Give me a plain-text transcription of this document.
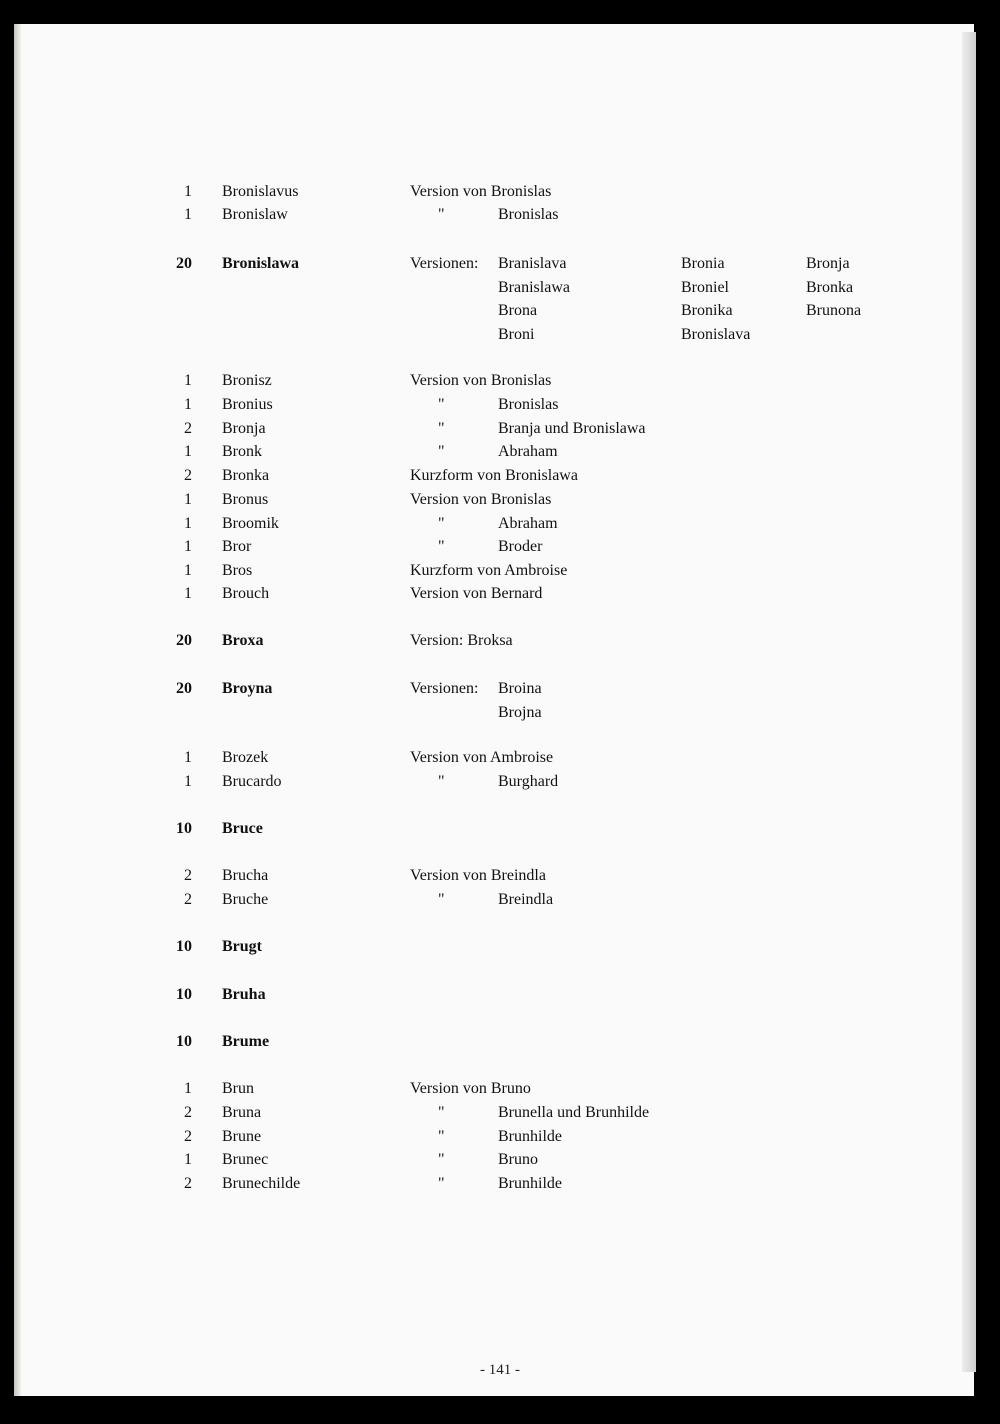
1 Bronislavus	Version von Bronislas
1 Bronislaw	"	Bronislas
20 Bronislawa	Versionen: Branislava	Bronia	Bronja
Branislawa	Broniel	Bronka
Brona	Bronika	Brunona
Broni	Bronislava
1 Bronisz	Version von Bronislas
1 Bronius	"	Bronislas
2 Bronja	"	Branja und Bronislawa
1 Bronk	"	Abraham
2 Bronka	Kurzform von Bronislawa
1 Bronus	Version von Bronislas
1 Broomik	"	Abraham
1 Bror	"	Broder
1 Bros	Kurzform von Ambroise
1 Brouch	Version von Bernard
20 Broxa	Version: Broksa
20 Broyna	Versionen: Broina
Brojna
1 Brozek	Version von Ambroise
1 Brucardo	"	Burghard
10 Bruce
2 Brucha	Version von Breindla
2 Bruche	"	Breindla
10 Brugt
10 Bruha
10 Brume
1 Brun	Version von Bruno
2 Bruna	"	Brunella und Brunhilde
2 Brune	"	Brunhilde
1 Brunec	"	Bruno
2 Brunechilde	"	Brunhilde
- 141 -
